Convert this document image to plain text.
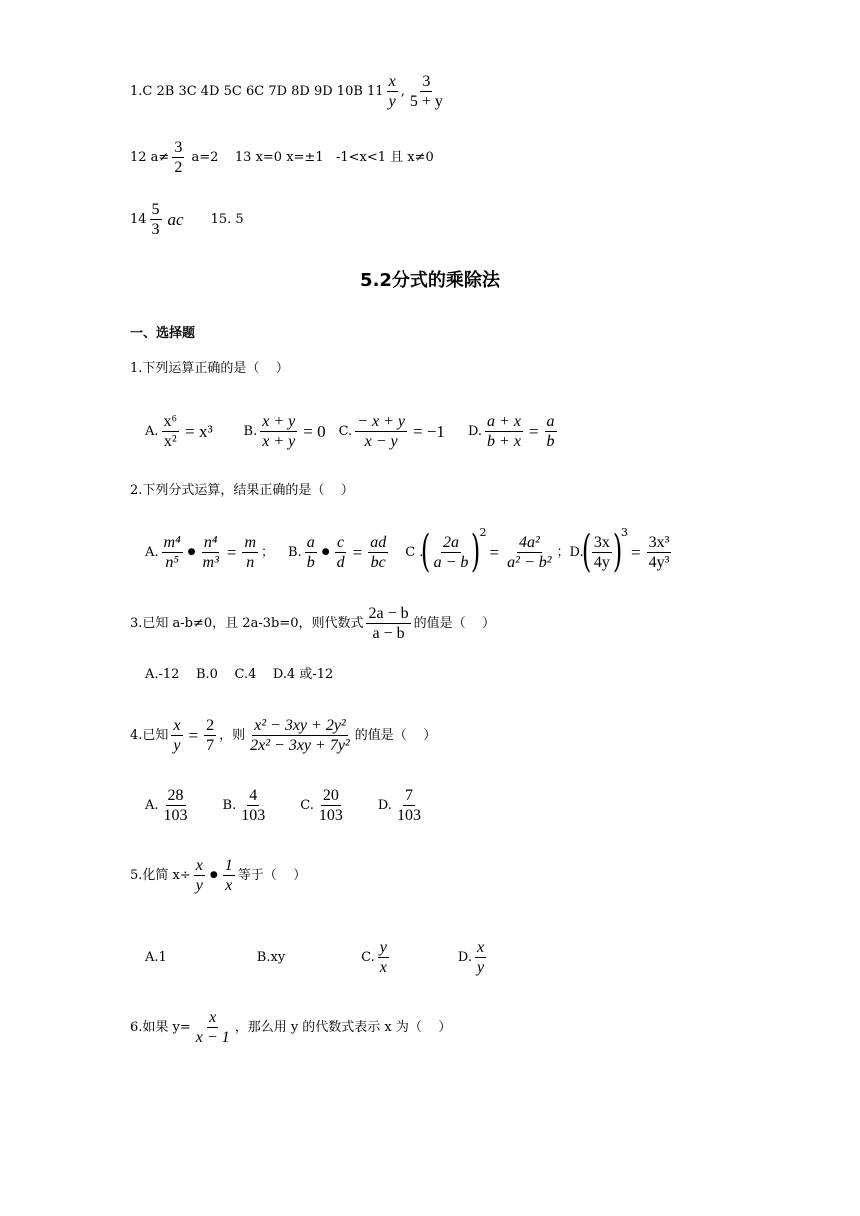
1.C 2B 3C 4D 5C 6C 7D 8D 9D 10B $11 \frac{x}{y}$ , $\frac{3}{5 + y}$
12 $a\ne \frac{3}{2} a=2$    13 x=0 x=±1   -1<x<1 且 x≠0
$14 \frac{5}{3}$ ac 15. 5
5.2分式的乘除法
一、选择题
1.下列运算正确的是（    ）
A. $\frac{\text{x⁶}}{\text{x²}} = x^3$ B. $\frac{x + y}{x + y} = 0$ C. $\frac{- x + y}{x - y} = -1$ D. $\frac{a + x}{b + x} = \frac{a}{b}$
2.下列分式运算，结果正确的是（    ）
A. $\frac{\text{m⁴}}{\text{n⁵}}$ ● $\frac{\text{n⁴}}{\text{m³}} = \frac{m}{n}$ ； B. $\frac{a}{b}$ ● $\frac{c}{d} = \frac{ad}{bc}$ C .
( $\frac{2a}{a - b}$ )
2
= $\frac{\text{4a²}}{\text{a² − b²}}$ ； D.
( $\frac{3x}{4y}$ )
3
= $\frac{\text{3x³}}{\text{4y³}}$
3.已知 a-b≠0，且 2a-3b=0，则代数式 $\frac{2a - b}{a - b}$ 的值是（    ）
A.-12    B.0    C.4    D.4 或-12
4.已知 $\frac{x}{y} = \frac{2}{7}$ ，则 $\frac{\text{x² − 3xy + 2y²}}{\text{2x² − 3xy + 7y²}}$ 的值是（    ）
A. $\frac{28}{103}$	B. $\frac{4}{103}$	C. $\frac{20}{103}$	D. $\frac{7}{103}$
5.化简 $x\div \frac{x}{y}$ ● $\frac{1}{x}$ 等于（    ）
A.1	B.xy	C. $\frac{y}{x}$	D. $\frac{x}{y}$
6.如果 $y= \frac{x}{x - 1}$ ，那么用 y 的代数式表示 x 为（    ）
